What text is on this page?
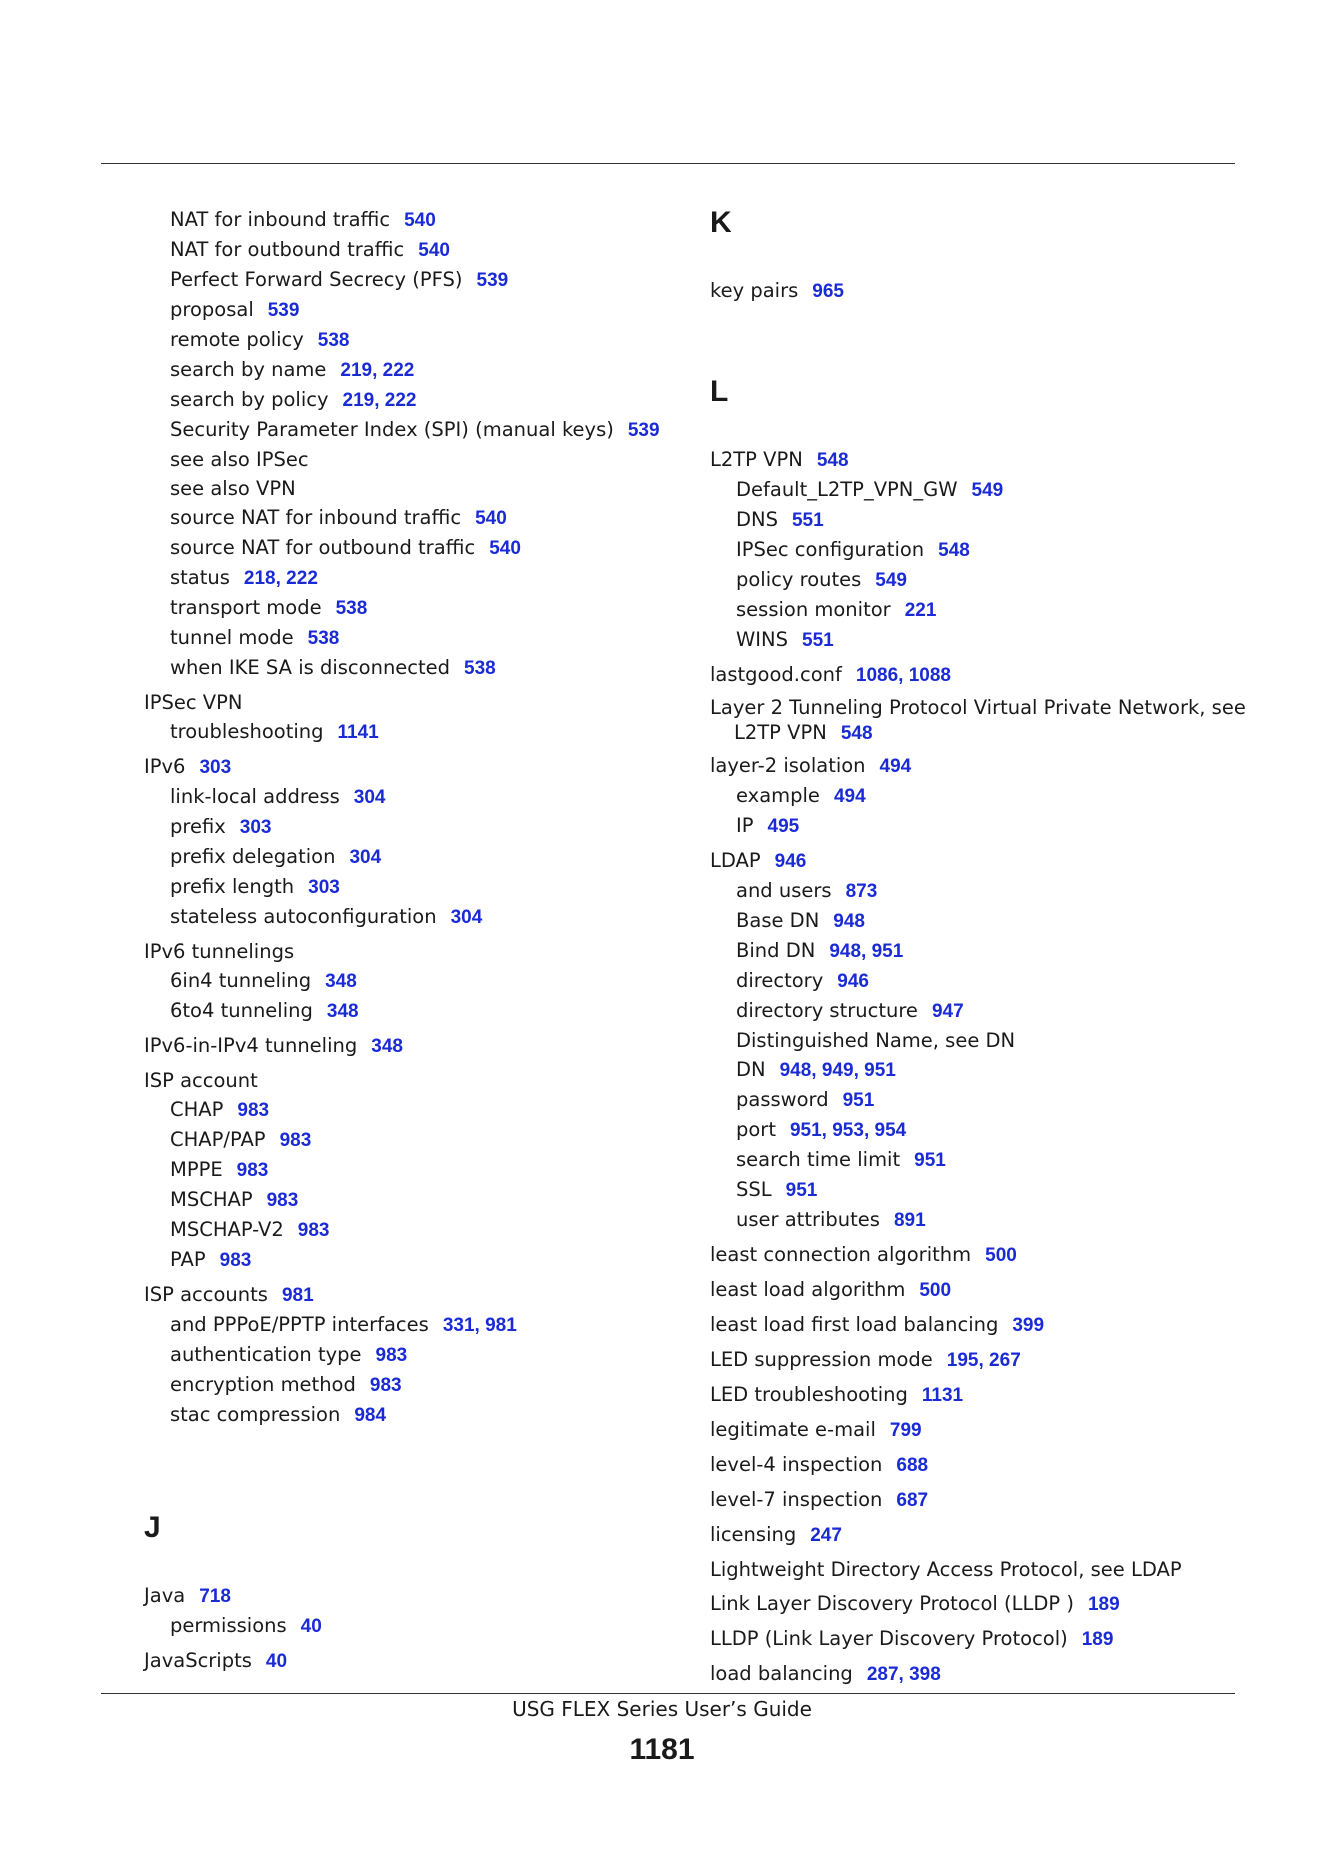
NAT for inbound traffic 540
NAT for outbound traffic 540
Perfect Forward Secrecy (PFS) 539
proposal 539
remote policy 538
search by name 219, 222
search by policy 219, 222
Security Parameter Index (SPI) (manual keys) 539
see also IPSec
see also VPN
source NAT for inbound traffic 540
source NAT for outbound traffic 540
status 218, 222
transport mode 538
tunnel mode 538
when IKE SA is disconnected 538
IPSec VPN
troubleshooting 1141
IPv6 303
link-local address 304
prefix 303
prefix delegation 304
prefix length 303
stateless autoconfiguration 304
IPv6 tunnelings
6in4 tunneling 348
6to4 tunneling 348
IPv6-in-IPv4 tunneling 348
ISP account
CHAP 983
CHAP/PAP 983
MPPE 983
MSCHAP 983
MSCHAP-V2 983
PAP 983
ISP accounts 981
and PPPoE/PPTP interfaces 331, 981
authentication type 983
encryption method 983
stac compression 984
J
Java 718
permissions 40
JavaScripts 40
K
key pairs 965
L
L2TP VPN 548
Default_L2TP_VPN_GW 549
DNS 551
IPSec configuration 548
policy routes 549
session monitor 221
WINS 551
lastgood.conf 1086, 1088
Layer 2 Tunneling Protocol Virtual Private Network, see
L2TP VPN 548
layer-2 isolation 494
example 494
IP 495
LDAP 946
and users 873
Base DN 948
Bind DN 948, 951
directory 946
directory structure 947
Distinguished Name, see DN
DN 948, 949, 951
password 951
port 951, 953, 954
search time limit 951
SSL 951
user attributes 891
least connection algorithm 500
least load algorithm 500
least load first load balancing 399
LED suppression mode 195, 267
LED troubleshooting 1131
legitimate e-mail 799
level-4 inspection 688
level-7 inspection 687
licensing 247
Lightweight Directory Access Protocol, see LDAP
Link Layer Discovery Protocol (LLDP ) 189
LLDP (Link Layer Discovery Protocol) 189
load balancing 287, 398
USG FLEX Series User’s Guide
1181
